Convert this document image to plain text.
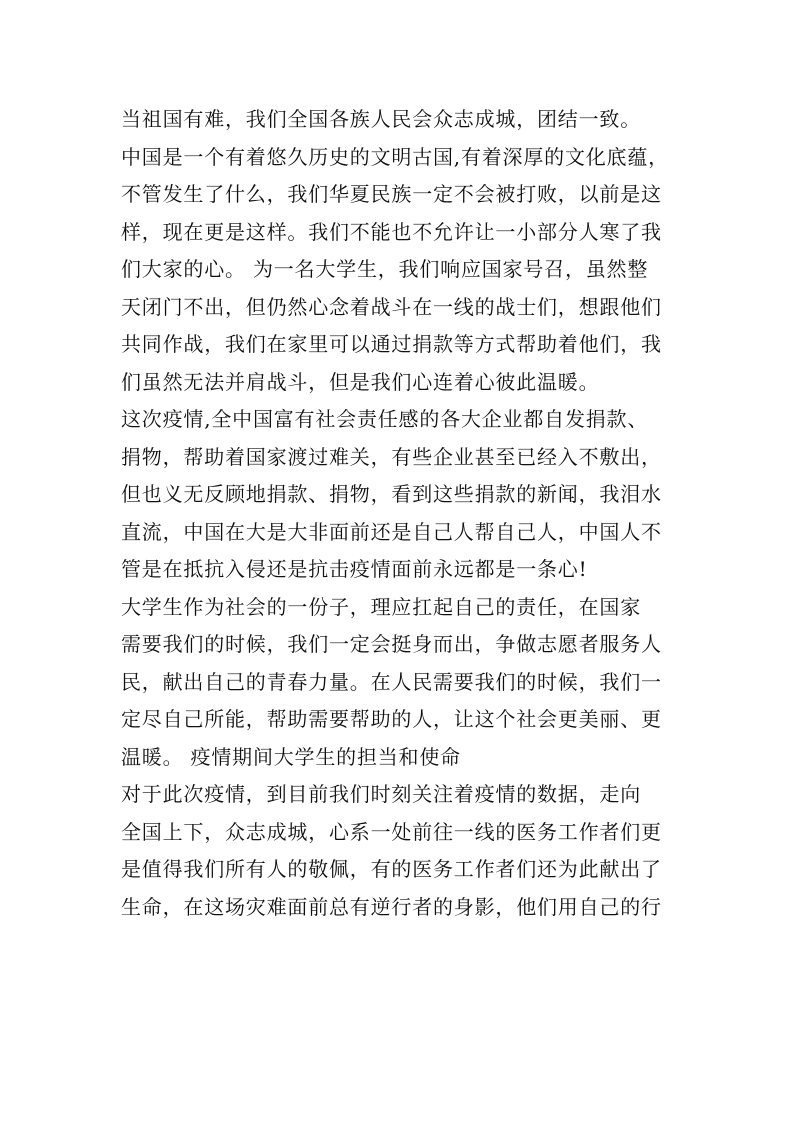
当祖国有难，我们全国各族人民会众志成城，团结一致。
中国是一个有着悠久历史的文明古国,有着深厚的文化底蕴，
不管发生了什么，我们华夏民族一定不会被打败，以前是这
样，现在更是这样。我们不能也不允许让一小部分人寒了我
们大家的心。 为一名大学生，我们响应国家号召，虽然整
天闭门不出，但仍然心念着战斗在一线的战士们，想跟他们
共同作战，我们在家里可以通过捐款等方式帮助着他们，我
们虽然无法并肩战斗，但是我们心连着心彼此温暖。
这次疫情,全中国富有社会责任感的各大企业都自发捐款、
捐物，帮助着国家渡过难关，有些企业甚至已经入不敷出，
但也义无反顾地捐款、捐物，看到这些捐款的新闻，我泪水
直流，中国在大是大非面前还是自己人帮自己人，中国人不
管是在抵抗入侵还是抗击疫情面前永远都是一条心!
大学生作为社会的一份子，理应扛起自己的责任，在国家
需要我们的时候，我们一定会挺身而出，争做志愿者服务人
民，献出自己的青春力量。在人民需要我们的时候，我们一
定尽自己所能，帮助需要帮助的人，让这个社会更美丽、更
温暖。 疫情期间大学生的担当和使命
对于此次疫情，到目前我们时刻关注着疫情的数据，走向
全国上下，众志成城，心系一处前往一线的医务工作者们更
是值得我们所有人的敬佩，有的医务工作者们还为此献出了
生命，在这场灾难面前总有逆行者的身影，他们用自己的行
